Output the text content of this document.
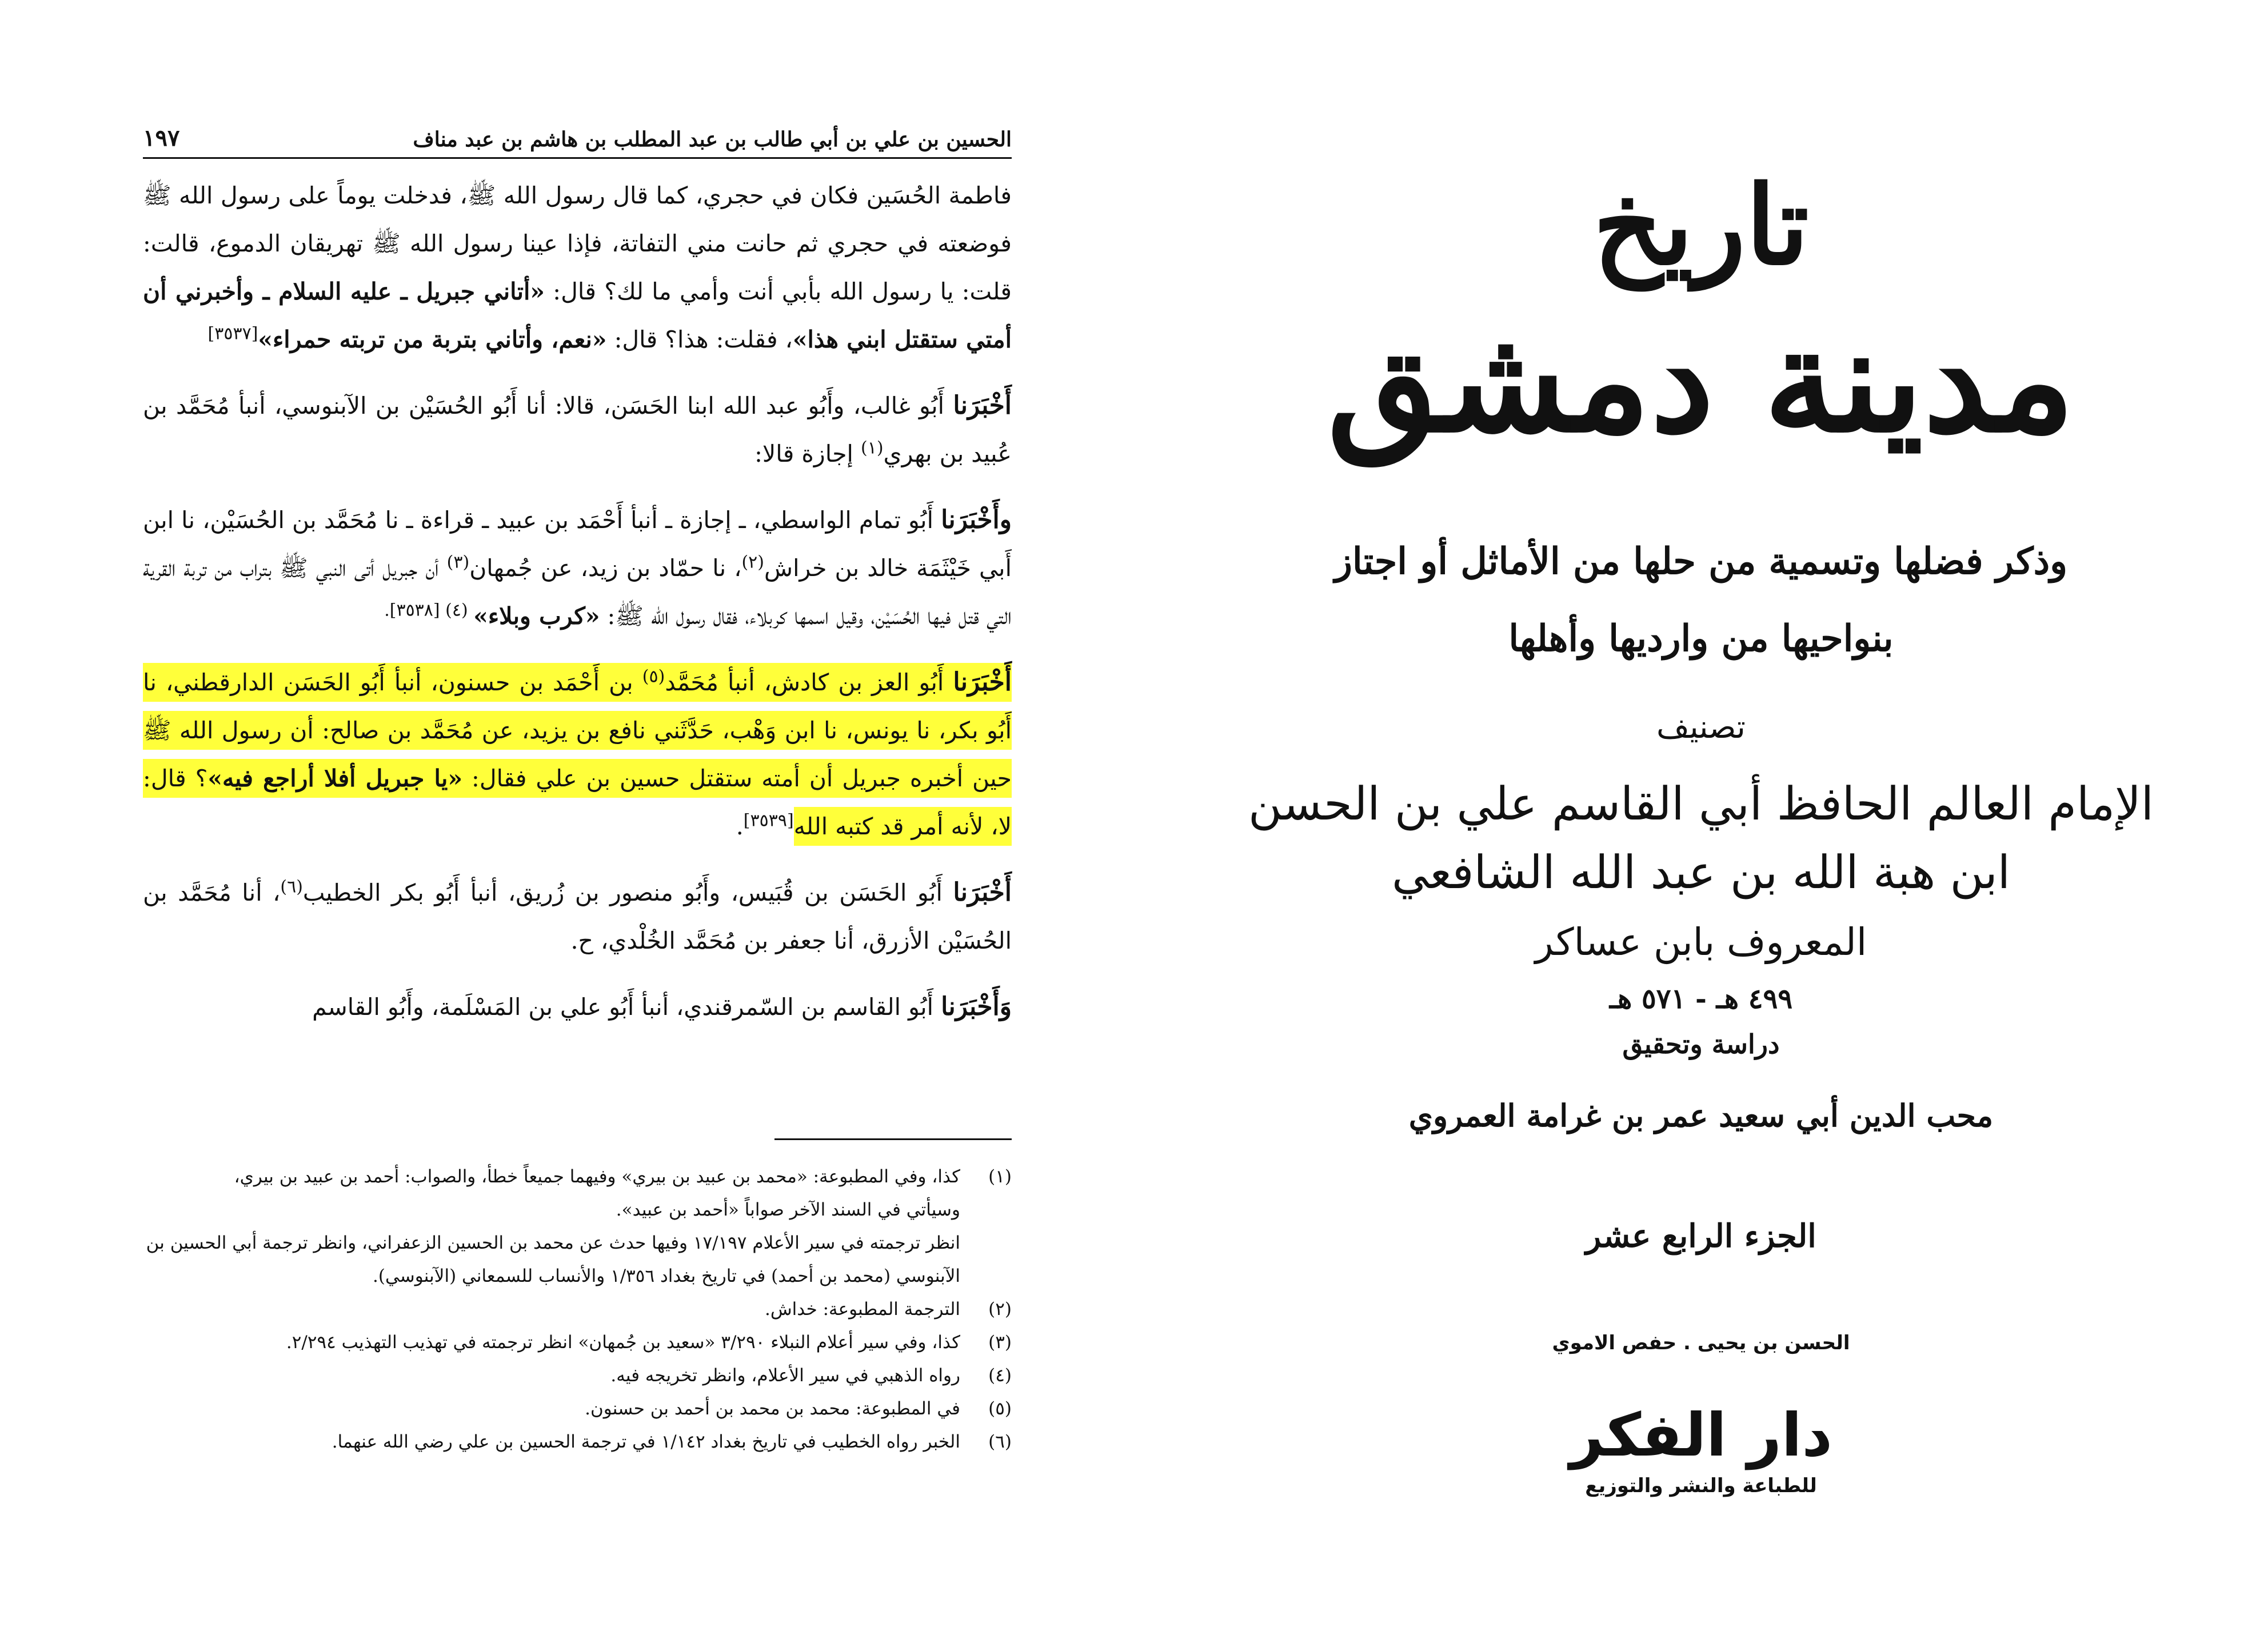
الحسين بن علي بن أبي طالب بن عبد المطلب بن هاشم بن عبد مناف
١٩٧

فاطمة الحُسَين فكان في حجري، كما قال رسول الله ﷺ، فدخلت يوماً على رسول الله ﷺ فوضعته في حجري ثم حانت مني التفاتة، فإذا عينا رسول الله ﷺ تهريقان الدموع، قالت: قلت: يا رسول الله بأبي أنت وأمي ما لك؟ قال: «أتاني جبريل ـ عليه السلام ـ وأخبرني أن أمتي ستقتل ابني هذا»، فقلت: هذا؟ قال: «نعم، وأتاني بتربة من تربته حمراء»[٣٥٣٧]

أَخْبَرَنا أَبُو غالب، وأَبُو عبد الله ابنا الحَسَن، قالا: أنا أَبُو الحُسَيْن بن الآبنوسي، أنبأ مُحَمَّد بن عُبيد بن بهري$^{(١)}$ إجازة قالا:

وأَخْبَرَنا أَبُو تمام الواسطي، ـ إجازة ـ أنبأ أَحْمَد بن عبيد ـ قراءة ـ نا مُحَمَّد بن الحُسَيْن، نا ابن أَبي خَيْثَمَة خالد بن خراش$^{(٢)}$، نا حمّاد بن زيد، عن جُمهان$^{(٣)}$ أن جبريل أتى النبي ﷺ بتراب من تربة القرية التي قتل فيها الحُسَيْن، وقيل اسمها كربلاء، فقال رسول الله ﷺ: «كرب وبلاء» $^{(٤)}$ $^{[٣٥٣٨].}$

أَخْبَرَنا أَبُو العز بن كادش، أنبأ مُحَمَّد$^{(٥)}$ بن أَحْمَد بن حسنون، أنبأ أَبُو الحَسَن الدارقطني، نا أَبُو بكر، نا يونس، نا ابن وَهْب، حَدَّثَني نافع بن يزيد، عن مُحَمَّد بن صالح: أن رسول الله ﷺ حين أخبره جبريل أن أمته ستقتل حسين بن علي فقال: «يا جبريل أفلا أراجع فيه»؟ قال: لا، لأنه أمر قد كتبه الله[٣٥٣٩].

أَخْبَرَنا أَبُو الحَسَن بن قُبَيس، وأَبُو منصور بن زُريق، أنبأ أَبُو بكر الخطيب$^{(٦)}$، أنا مُحَمَّد بن الحُسَيْن الأزرق، أنا جعفر بن مُحَمَّد الخُلْدي، ح.

وَأَخْبَرَنا أَبُو القاسم بن السّمرقندي، أنبأ أَبُو علي بن المَسْلَمة، وأَبُو القاسم

(١)
كذا، وفي المطبوعة: «محمد بن عبيد بن بيري» وفيهما جميعاً خطأ، والصواب: أحمد بن عبيد بن بيري،
وسيأتي في السند الآخر صواباً «أحمد بن عبيد».
انظر ترجمته في سير الأعلام ١٧/١٩٧ وفيها حدث عن محمد بن الحسين الزعفراني، وانظر ترجمة أبي الحسين بن الآبنوسي (محمد بن أحمد) في تاريخ بغداد ١/٣٥٦ والأنساب للسمعاني (الآبنوسي).
(٢)
الترجمة المطبوعة: خداش.
(٣)
كذا، وفي سير أعلام النبلاء ٣/٢٩٠ «سعيد بن جُمهان» انظر ترجمته في تهذيب التهذيب ٢/٢٩٤.
(٤)
رواه الذهبي في سير الأعلام، وانظر تخريجه فيه.
(٥)
في المطبوعة: محمد بن محمد بن أحمد بن حسنون.
(٦)
الخبر رواه الخطيب في تاريخ بغداد ١/١٤٢ في ترجمة الحسين بن علي رضي الله عنهما.
تاريخ
مدينة دمشق
وذكر فضلها وتسمية من حلها من الأماثل أو اجتاز
بنواحيها من وارديها وأهلها
تصنيف
الإمام العالم الحافظ أبي القاسم علي بن الحسن
ابن هبة الله بن عبد الله الشافعي
المعروف بابن عساكر
٤٩٩ هـ - ٥٧١ هـ
دراسة وتحقيق
محب الدين أبي سعيد عمر بن غرامة العمروي
الجزء الرابع عشر
الحسن بن يحيى . حفص الاموي
دار الفكر
للطباعة والنشر والتوزيع
